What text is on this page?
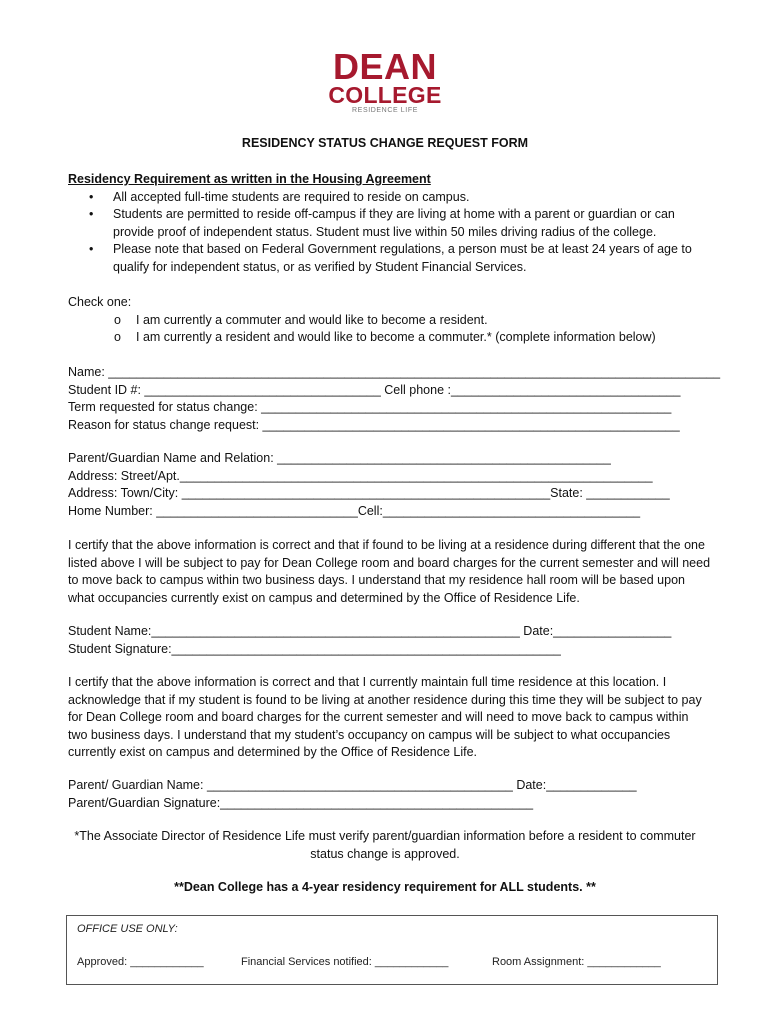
DEAN
COLLEGE
RESIDENCE LIFE
RESIDENCY STATUS CHANGE REQUEST FORM
Residency Requirement as written in the Housing Agreement
• All accepted full-time students are required to reside on campus.
• Students are permitted to reside off-campus if they are living at home with a parent or guardian or can provide proof of independent status. Student must live within 50 miles driving radius of the college.
• Please note that based on Federal Government regulations, a person must be at least 24 years of age to qualify for independent status, or as verified by Student Financial Services.
Check one:
o I am currently a commuter and would like to become a resident.
o I am currently a resident and would like to become a commuter.* (complete information below)
Name: ________________________________________________________________________________________
Student ID #: __________________________________ Cell phone :_________________________________
Term requested for status change: ___________________________________________________________
Reason for status change request: ____________________________________________________________
Parent/Guardian Name and Relation: ________________________________________________
Address: Street/Apt.____________________________________________________________________
Address: Town/City: _____________________________________________________State: ____________
Home Number: _____________________________Cell:_____________________________________

I certify that the above information is correct and that if found to be living at a residence during different that the one listed above I will be subject to pay for Dean College room and board charges for the current semester and will need to move back to campus within two business days. I understand that my residence hall room will be based upon what occupancies currently exist on campus and determined by the Office of Residence Life.

Student Name:_____________________________________________________ Date:_________________
Student Signature:________________________________________________________

I certify that the above information is correct and that I currently maintain full time residence at this location. I acknowledge that if my student is found to be living at another residence during this time they will be subject to pay for Dean College room and board charges for the current semester and will need to move back to campus within two business days. I understand that my student’s occupancy on campus will be subject to what occupancies currently exist on campus and determined by the Office of Residence Life.

Parent/ Guardian Name: ____________________________________________ Date:_____________
Parent/Guardian Signature:_____________________________________________

*The Associate Director of Residence Life must verify parent/guardian information before a resident to commuter status change is approved.

**Dean College has a 4-year residency requirement for ALL students. **
OFFICE USE ONLY:
Approved: ____________	Financial Services notified: ____________	Room Assignment: ____________
